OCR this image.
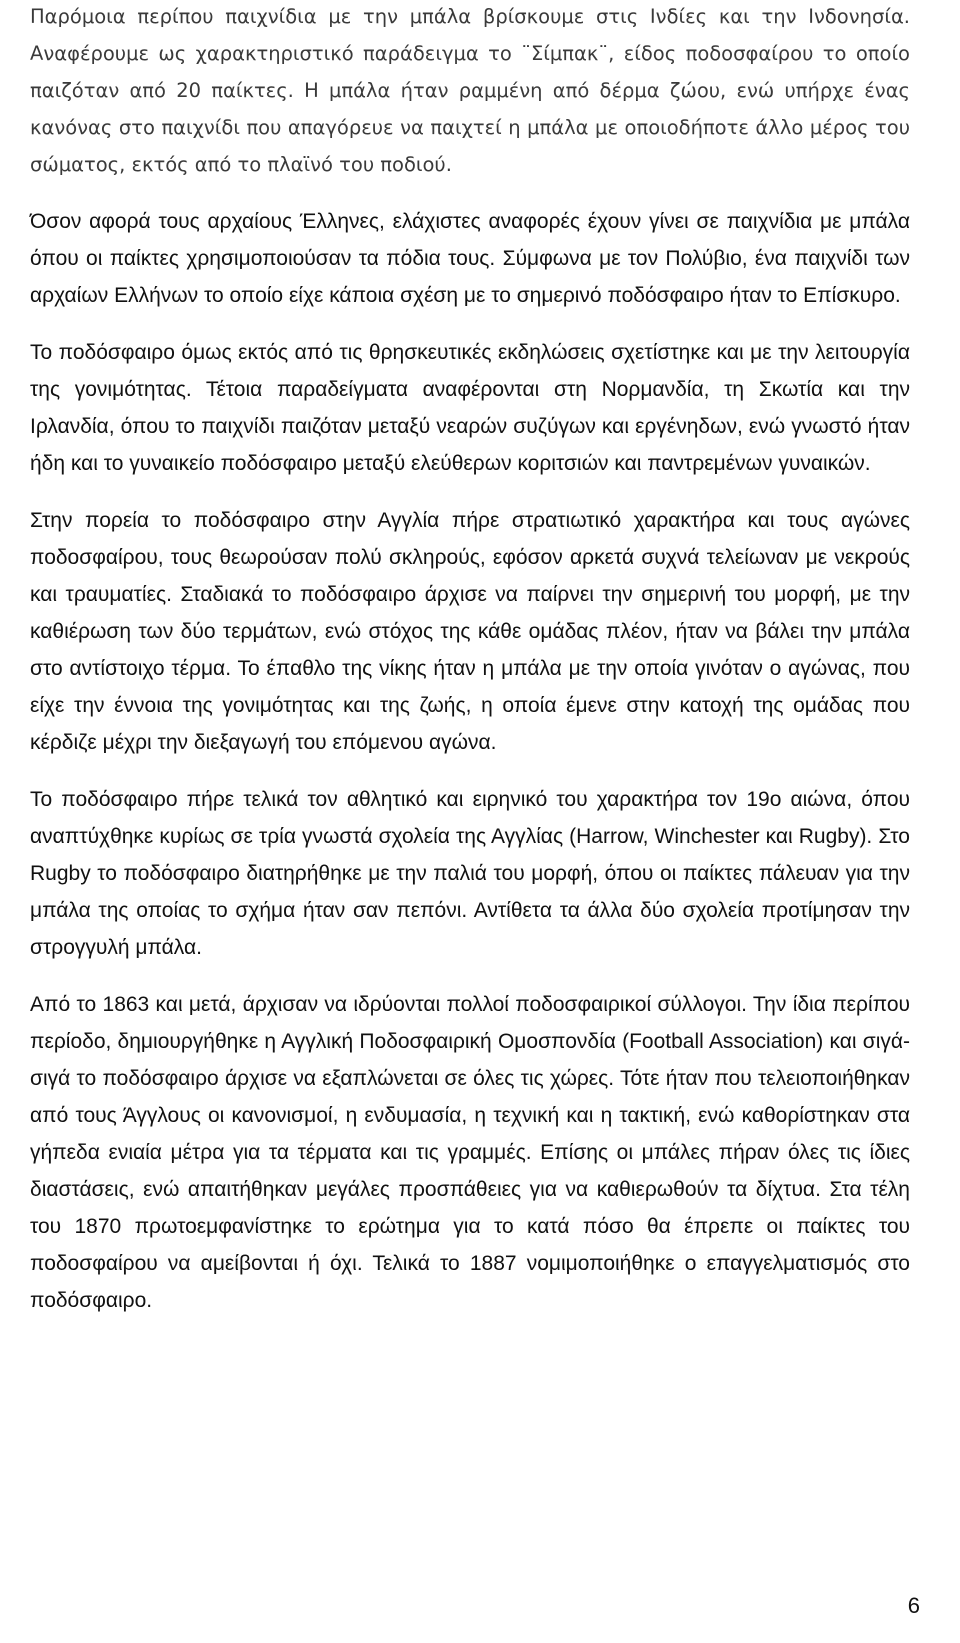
Παρόμοια περίπου παιχνίδια με την μπάλα βρίσκουμε στις Ινδίες και την Ινδονησία. Αναφέρουμε ως χαρακτηριστικό παράδειγμα το ¨Σίμπακ¨, είδος ποδοσφαίρου το οποίο παιζόταν από 20 παίκτες. Η μπάλα ήταν ραμμένη από δέρμα ζώου, ενώ υπήρχε ένας κανόνας στο παιχνίδι που απαγόρευε να παιχτεί η μπάλα με οποιοδήποτε άλλο μέρος του σώματος, εκτός από το πλαϊνό του ποδιού.

Όσον αφορά τους αρχαίους Έλληνες, ελάχιστες αναφορές έχουν γίνει σε παιχνίδια με μπάλα όπου οι παίκτες χρησιμοποιούσαν τα πόδια τους. Σύμφωνα με τον Πολύβιο, ένα παιχνίδι των αρχαίων Ελλήνων το οποίο είχε κάποια σχέση με το σημερινό ποδόσφαιρο ήταν το Επίσκυρο.

Το ποδόσφαιρο όμως εκτός από τις θρησκευτικές εκδηλώσεις σχετίστηκε και με την λειτουργία της γονιμότητας. Τέτοια παραδείγματα αναφέρονται στη Νορμανδία, τη Σκωτία και την Ιρλανδία, όπου το παιχνίδι παιζόταν μεταξύ νεαρών συζύγων και εργένηδων, ενώ γνωστό ήταν ήδη και το γυναικείο ποδόσφαιρο μεταξύ ελεύθερων κοριτσιών και παντρεμένων γυναικών.

Στην πορεία το ποδόσφαιρο στην Αγγλία πήρε στρατιωτικό χαρακτήρα και τους αγώνες ποδοσφαίρου, τους θεωρούσαν πολύ σκληρούς, εφόσον αρκετά συχνά τελείωναν με νεκρούς και τραυματίες. Σταδιακά το ποδόσφαιρο άρχισε να παίρνει την σημερινή του μορφή, με την καθιέρωση των δύο τερμάτων, ενώ στόχος της κάθε ομάδας πλέον, ήταν να βάλει την μπάλα στο αντίστοιχο τέρμα. Το έπαθλο της νίκης ήταν η μπάλα με την οποία γινόταν ο αγώνας, που είχε την έννοια της γονιμότητας και της ζωής, η οποία έμενε στην κατοχή της ομάδας που κέρδιζε μέχρι την διεξαγωγή του επόμενου αγώνα.

Το ποδόσφαιρο πήρε τελικά τον αθλητικό και ειρηνικό του χαρακτήρα τον 19ο αιώνα, όπου αναπτύχθηκε κυρίως σε τρία γνωστά σχολεία της Αγγλίας (Harrow, Winchester και Rugby). Στο Rugby το ποδόσφαιρο διατηρήθηκε με την παλιά του μορφή, όπου οι παίκτες πάλευαν για την μπάλα της οποίας το σχήμα ήταν σαν πεπόνι. Αντίθετα τα άλλα δύο σχολεία προτίμησαν την στρογγυλή μπάλα.

Από το 1863 και μετά, άρχισαν να ιδρύονται πολλοί ποδοσφαιρικοί σύλλογοι. Την ίδια περίπου περίοδο, δημιουργήθηκε η Αγγλική Ποδοσφαιρική Ομοσπονδία (Football Association) και σιγά-σιγά το ποδόσφαιρο άρχισε να εξαπλώνεται σε όλες τις χώρες. Τότε ήταν που τελειοποιήθηκαν από τους Άγγλους οι κανονισμοί, η ενδυμασία, η τεχνική και η τακτική, ενώ καθορίστηκαν στα γήπεδα ενιαία μέτρα για τα τέρματα και τις γραμμές. Επίσης οι μπάλες πήραν όλες τις ίδιες διαστάσεις, ενώ απαιτήθηκαν μεγάλες προσπάθειες για να καθιερωθούν τα δίχτυα. Στα τέλη του 1870 πρωτοεμφανίστηκε το ερώτημα για το κατά πόσο θα έπρεπε οι παίκτες του ποδοσφαίρου να αμείβονται ή όχι. Τελικά το 1887 νομιμοποιήθηκε ο επαγγελματισμός στο ποδόσφαιρο.

6
